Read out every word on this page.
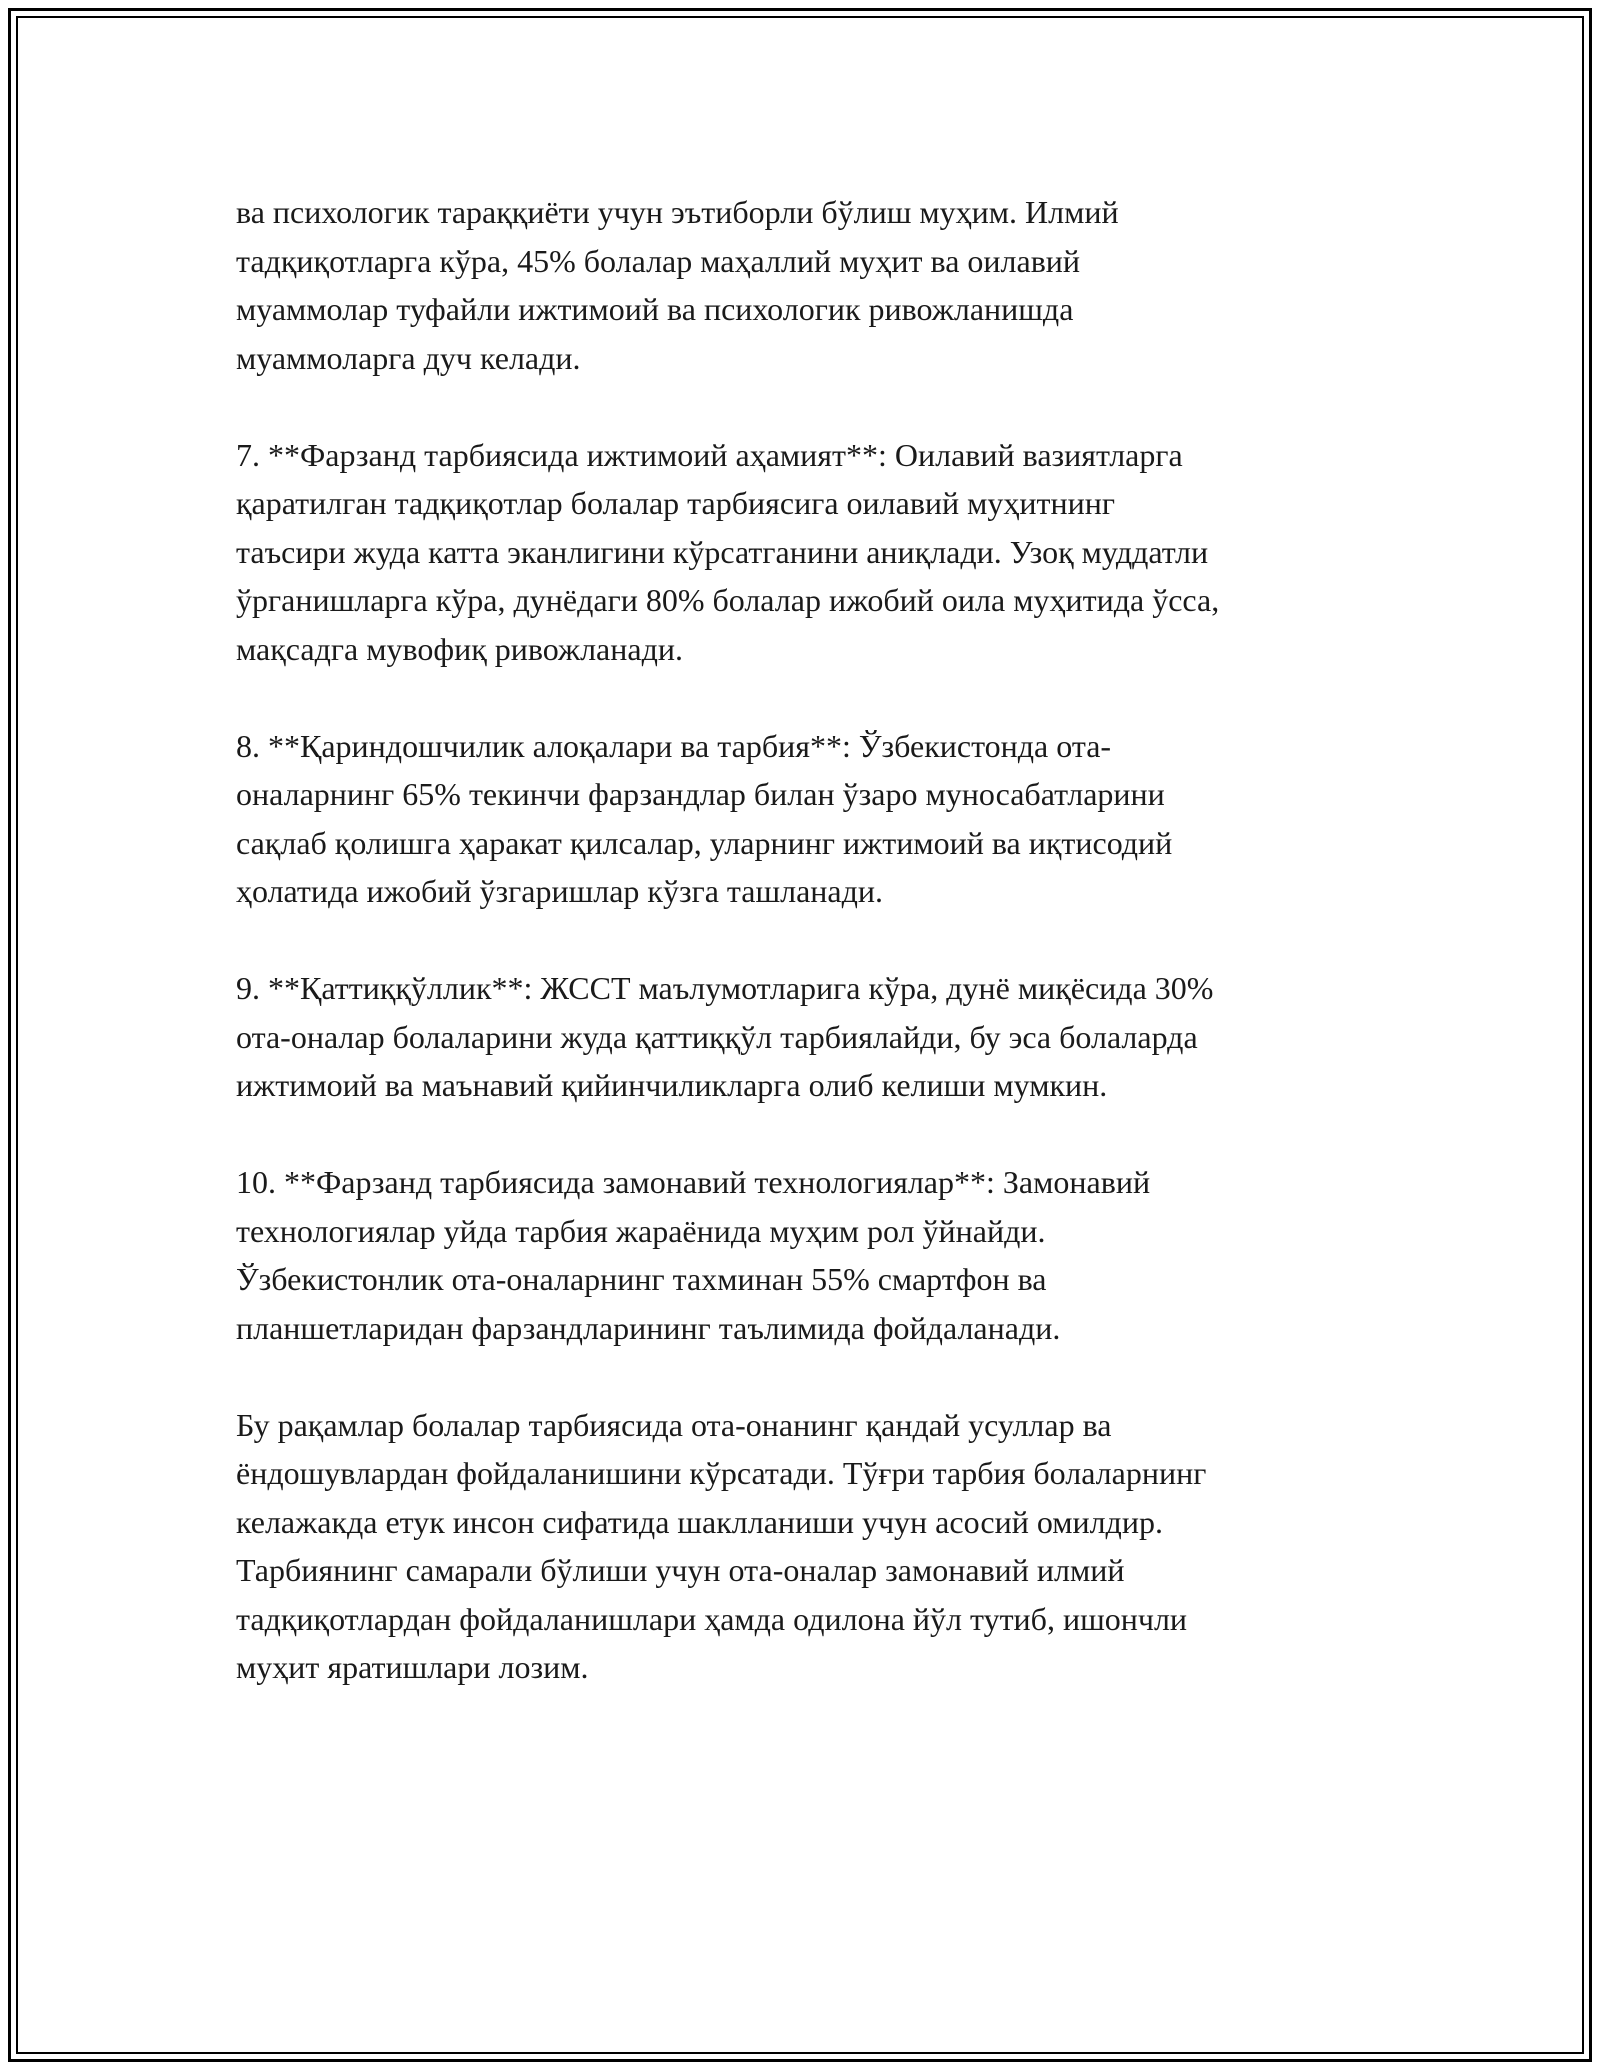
ва психологик тараққиёти учун эътиборли бўлиш муҳим. Илмий
тадқиқотларга кўра, 45% болалар маҳаллий муҳит ва оилавий
муаммолар туфайли ижтимоий ва психологик ривожланишда
муаммоларга дуч келади.

7. **Фарзанд тарбиясида ижтимоий аҳамият**: Оилавий вазиятларга
қаратилган тадқиқотлар болалар тарбиясига оилавий муҳитнинг
таъсири жуда катта эканлигини кўрсатганини аниқлади. Узоқ муддатли
ўрганишларга кўра, дунёдаги 80% болалар ижобий оила муҳитида ўсса,
мақсадга мувофиқ ривожланади.

8. **Қариндошчилик алоқалари ва тарбия**: Ўзбекистонда ота-
оналарнинг 65% текинчи фарзандлар билан ўзаро муносабатларини
сақлаб қолишга ҳаракат қилсалар, уларнинг ижтимоий ва иқтисодий
ҳолатида ижобий ўзгаришлар кўзга ташланади.

9. **Қаттиққўллик**: ЖССТ маълумотларига кўра, дунё миқёсида 30%
ота-оналар болаларини жуда қаттиққўл тарбиялайди, бу эса болаларда
ижтимоий ва маънавий қийинчиликларга олиб келиши мумкин.

10. **Фарзанд тарбиясида замонавий технологиялар**: Замонавий
технологиялар уйда тарбия жараёнида муҳим рол ўйнайди.
Ўзбекистонлик ота-оналарнинг тахминан 55% смартфон ва
планшетларидан фарзандларининг таълимида фойдаланади.

Бу рақамлар болалар тарбиясида ота-онанинг қандай усуллар ва
ёндошувлардан фойдаланишини кўрсатади. Тўғри тарбия болаларнинг
келажакда етук инсон сифатида шаклланиши учун асосий омилдир.
Тарбиянинг самарали бўлиши учун ота-оналар замонавий илмий
тадқиқотлардан фойдаланишлари ҳамда одилона йўл тутиб, ишончли
муҳит яратишлари лозим.
